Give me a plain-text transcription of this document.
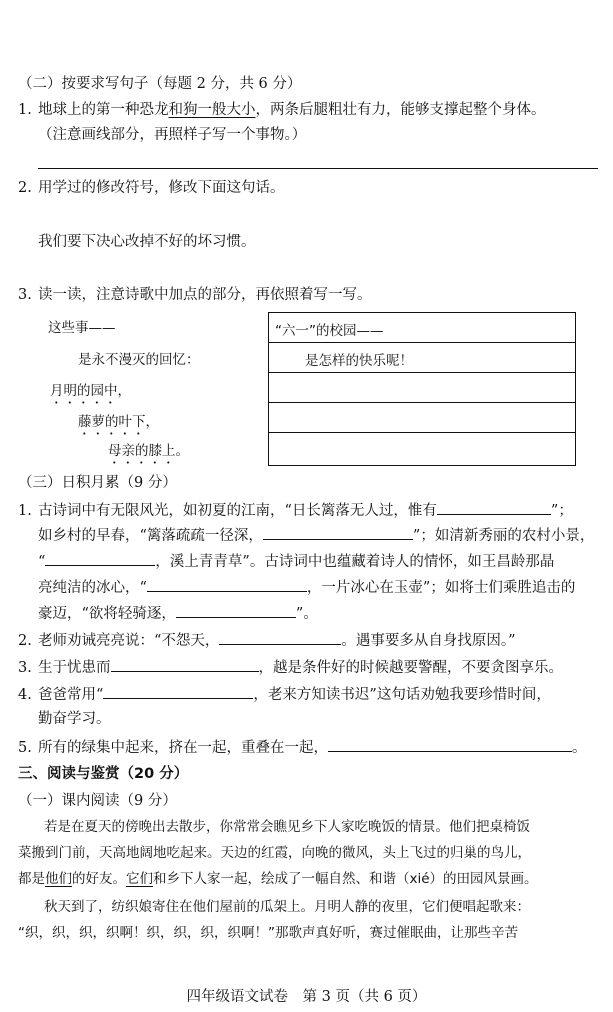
（二）按要求写句子（每题 2 分，共 6 分）
1. 地球上的第一种恐龙和狗一般大小，两条后腿粗壮有力，能够支撑起整个身体。
（注意画线部分，再照样子写一个事物。）
2. 用学过的修改符号，修改下面这句话。
我们要下决心改掉不好的坏习惯。
3. 读一读，注意诗歌中加点的部分，再依照着写一写。
这些事——
是永不漫灭的回忆：
月明的园中，
藤萝的叶下，
母亲的膝上。
“六一”的校园——
是怎样的快乐呢！
（三）日积月累（9 分）
1. 古诗词中有无限风光，如初夏的江南，“日长篱落无人过，惟有	”；
如乡村的早春，“篱落疏疏一径深，	”；如清新秀丽的农村小景，
“	，溪上青青草”。古诗词中也蕴藏着诗人的情怀，如王昌龄那晶
亮纯洁的冰心，“	，一片冰心在玉壶”；如将士们乘胜追击的
豪迈，“欲将轻骑逐，	”。
2. 老师劝诫亮亮说：“不怨天，	。遇事要多从自身找原因。”
3. 生于忧患而	，越是条件好的时候越要警醒，不要贪图享乐。
4. 爸爸常用“	，老来方知读书迟”这句话劝勉我要珍惜时间，
勤奋学习。
5. 所有的绿集中起来，挤在一起，重叠在一起，	。
三、阅读与鉴赏（20 分）
（一）课内阅读（9 分）
若是在夏天的傍晚出去散步，你常常会瞧见乡下人家吃晚饭的情景。他们把桌椅饭
菜搬到门前，天高地阔地吃起来。天边的红霞，向晚的微风，头上飞过的归巢的鸟儿，
都是他们的好友。它们和乡下人家一起，绘成了一幅自然、和谐（xié）的田园风景画。
秋天到了，纺织娘寄住在他们屋前的瓜架上。月明人静的夜里，它们便唱起歌来：
“织，织，织，织啊！织，织，织，织啊！”那歌声真好听，赛过催眠曲，让那些辛苦
四年级语文试卷　第 3 页（共 6 页）
